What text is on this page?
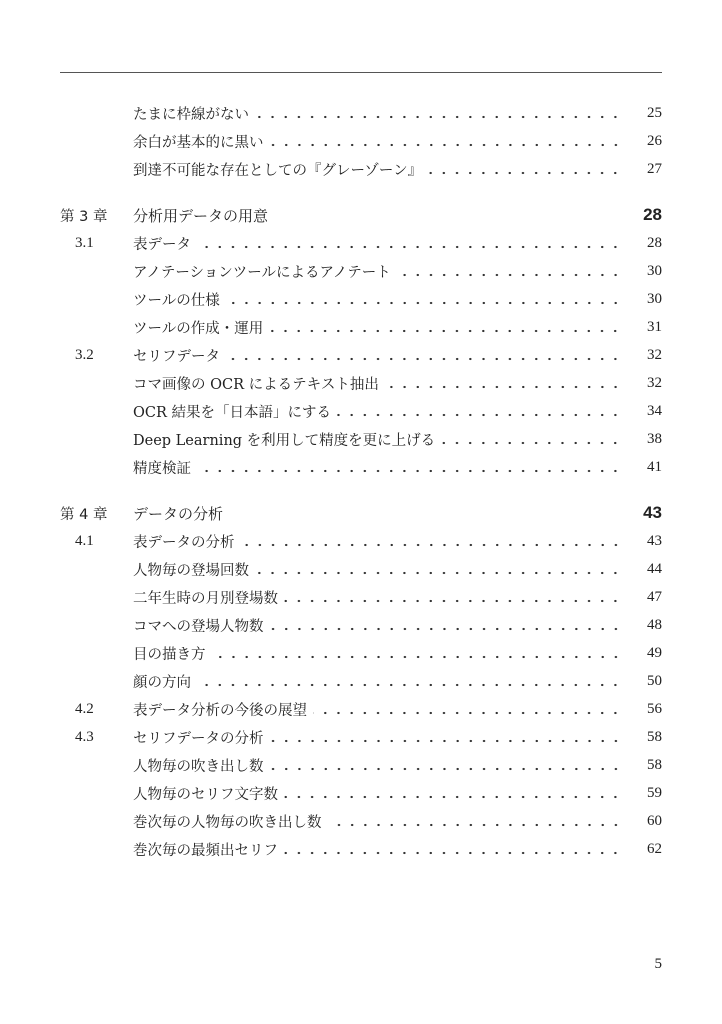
たまに枠線がない	25
余白が基本的に黒い	26
到達不可能な存在としての『グレーゾーン』	27
第 3 章 分析用データの用意	28
3.1	表データ	28
アノテーションツールによるアノテート	30
ツールの仕様	30
ツールの作成・運用	31
3.2	セリフデータ	32
コマ画像の OCR によるテキスト抽出	32
OCR 結果を「日本語」にする	34
Deep Learning を利用して精度を更に上げる	38
精度検証	41
第 4 章 データの分析	43
4.1	表データの分析	43
人物毎の登場回数	44
二年生時の月別登場数	47
コマへの登場人物数	48
目の描き方	49
顔の方向	50
4.2	表データ分析の今後の展望	56
4.3	セリフデータの分析	58
人物毎の吹き出し数	58
人物毎のセリフ文字数	59
巻次毎の人物毎の吹き出し数	60
巻次毎の最頻出セリフ	62
5
